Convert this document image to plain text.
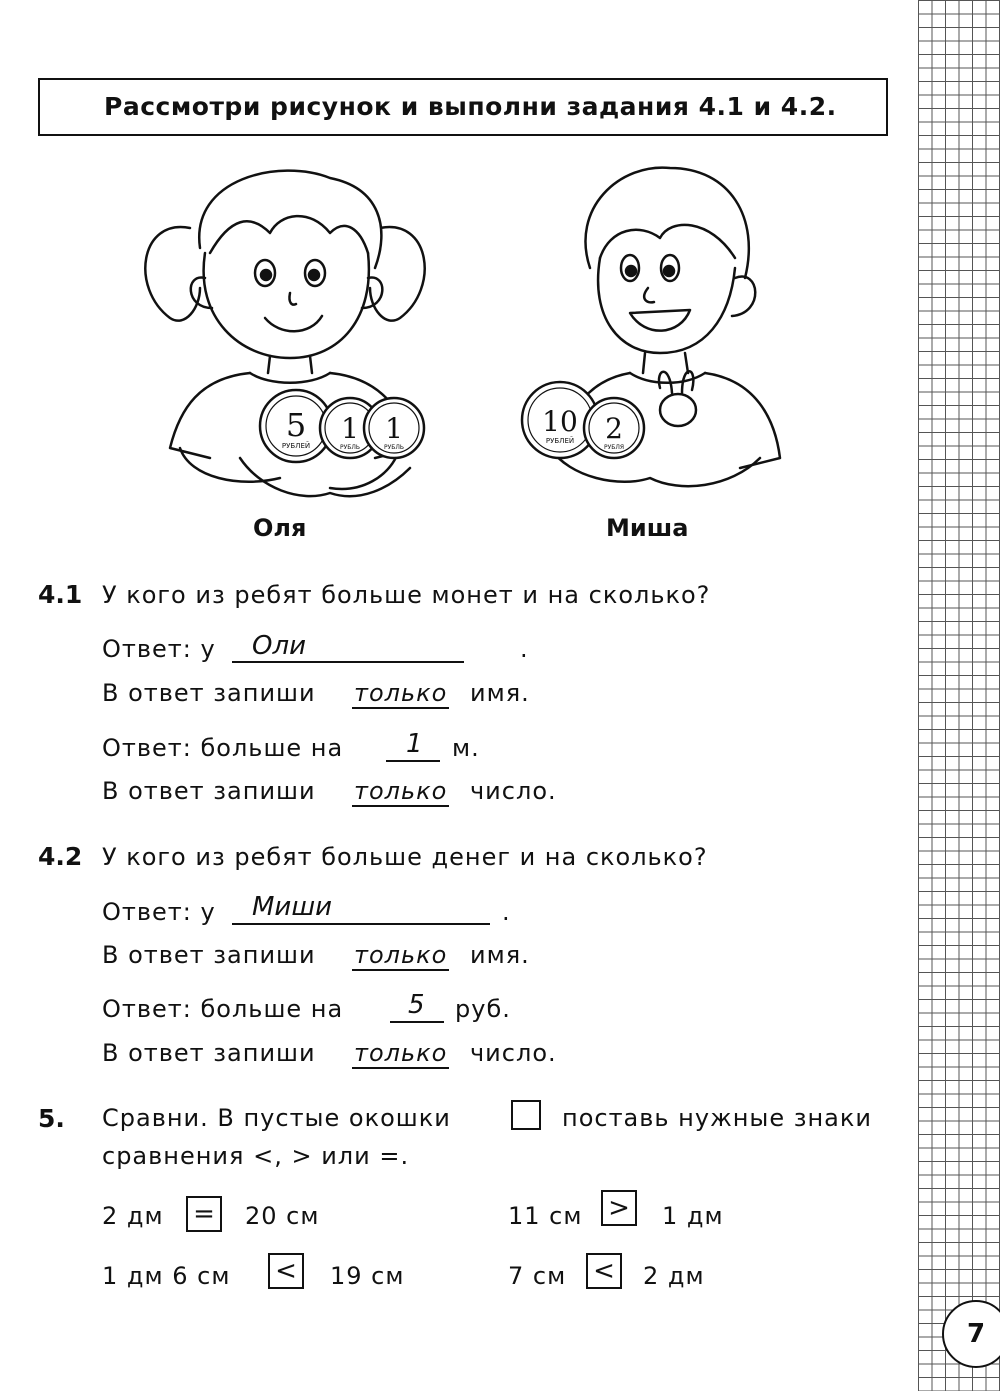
7
Рассмотри рисунок и выполни задания 4.1 и 4.2.
5
РУБЛЕЙ
1
РУБЛЬ
1
РУБЛЬ
10
РУБЛЕЙ 2
РУБЛЯ
Оля	Миша
4.1 У кого из ребят больше монет и на сколько?
Ответ: у Оли	.
В ответ запиши только имя.
Ответ: больше на 1 м.
В ответ запиши только число.
4.2 У кого из ребят больше денег и на сколько?
Ответ: у Миши	.
В ответ запиши только имя.
Ответ: больше на 5 руб.
В ответ запиши только число.
5. Сравни. В пустые окошки	поставь нужные знаки
сравнения <, > или =.
2 дм = 20 см	11 см > 1 дм
1 дм 6 см < 19 см	7 см < 2 дм
